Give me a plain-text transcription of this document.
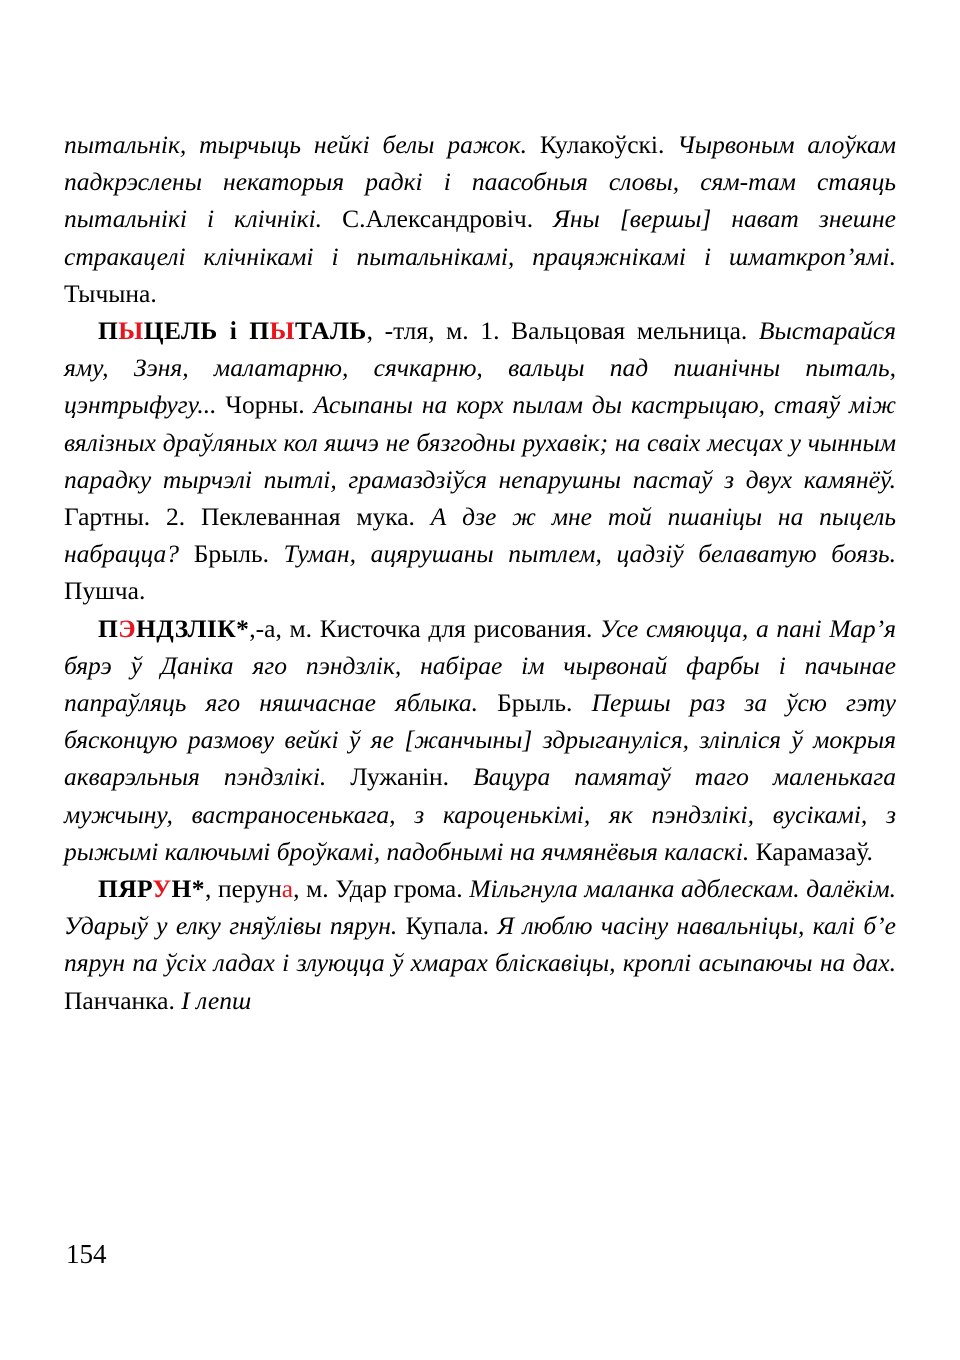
пытальнік, тырчыць нейкі белы ражок. Кулакоўскі. Чырвоным алоўкам падкрэслены некаторыя радкі і паасобныя словы, сям-там стаяць пытальнікі і клічнікі. С.Александровіч. Яны [вершы] нават знешне стракацелі клічнікамі і пытальнікамі, працяжнікамі і шматкроп’ямі. Тычына.

ПЫЦЕЛЬ і ПЫТАЛЬ, -тля, м. 1. Вальцовая мельница. Выстарайся яму, Зэня, малатарню, сячкарню, вальцы пад пшанічны пыталь, цэнтрыфугу... Чорны. Асыпаны на корх пылам ды кастрыцаю, стаяў між вялізных драўляных кол яшчэ не бязгодны рухавік; на сваіх месцах у чынным парадку тырчэлі пытлі, грамаздзіўся непарушны пастаў з двух камянёў. Гартны. 2. Пеклеванная мука. А дзе ж мне той пшаніцы на пыцель набрацца? Брыль. Туман, ацярушаны пытлем, цадзіў белаватую боязь. Пушча.

ПЭНДЗЛІК*,-а, м. Кисточка для рисования. Усе смяюцца, а пані Мар’я бярэ ў Даніка яго пэндзлік, набірае ім чырвонай фарбы і пачынае папраўляць яго няшчаснае яблыка. Брыль. Першы раз за ўсю гэту бясконцую размову вейкі ў яе [жанчыны] здрыгануліся, зліпліся ў мокрыя акварэльныя пэндзлікі. Лужанін. Вацура памятаў таго маленькага мужчыну, вастраносенькага, з кароценькімі, як пэндзлікі, вусікамі, з рыжымі калючымі броўкамі, падобнымі на ячмянёвыя каласкі. Карамазаў.

ПЯРУН*, перуна, м. Удар грома. Мільгнула маланка адблескам. далёкім. Ударыў у елку гняўлівы пярун. Купала. Я люблю часіну навальніцы, калі б’е пярун па ўсіх ладах і злуюцца ў хмарах бліскавіцы, кроплі асыпаючы на дах. Панчанка. І лепш

154
